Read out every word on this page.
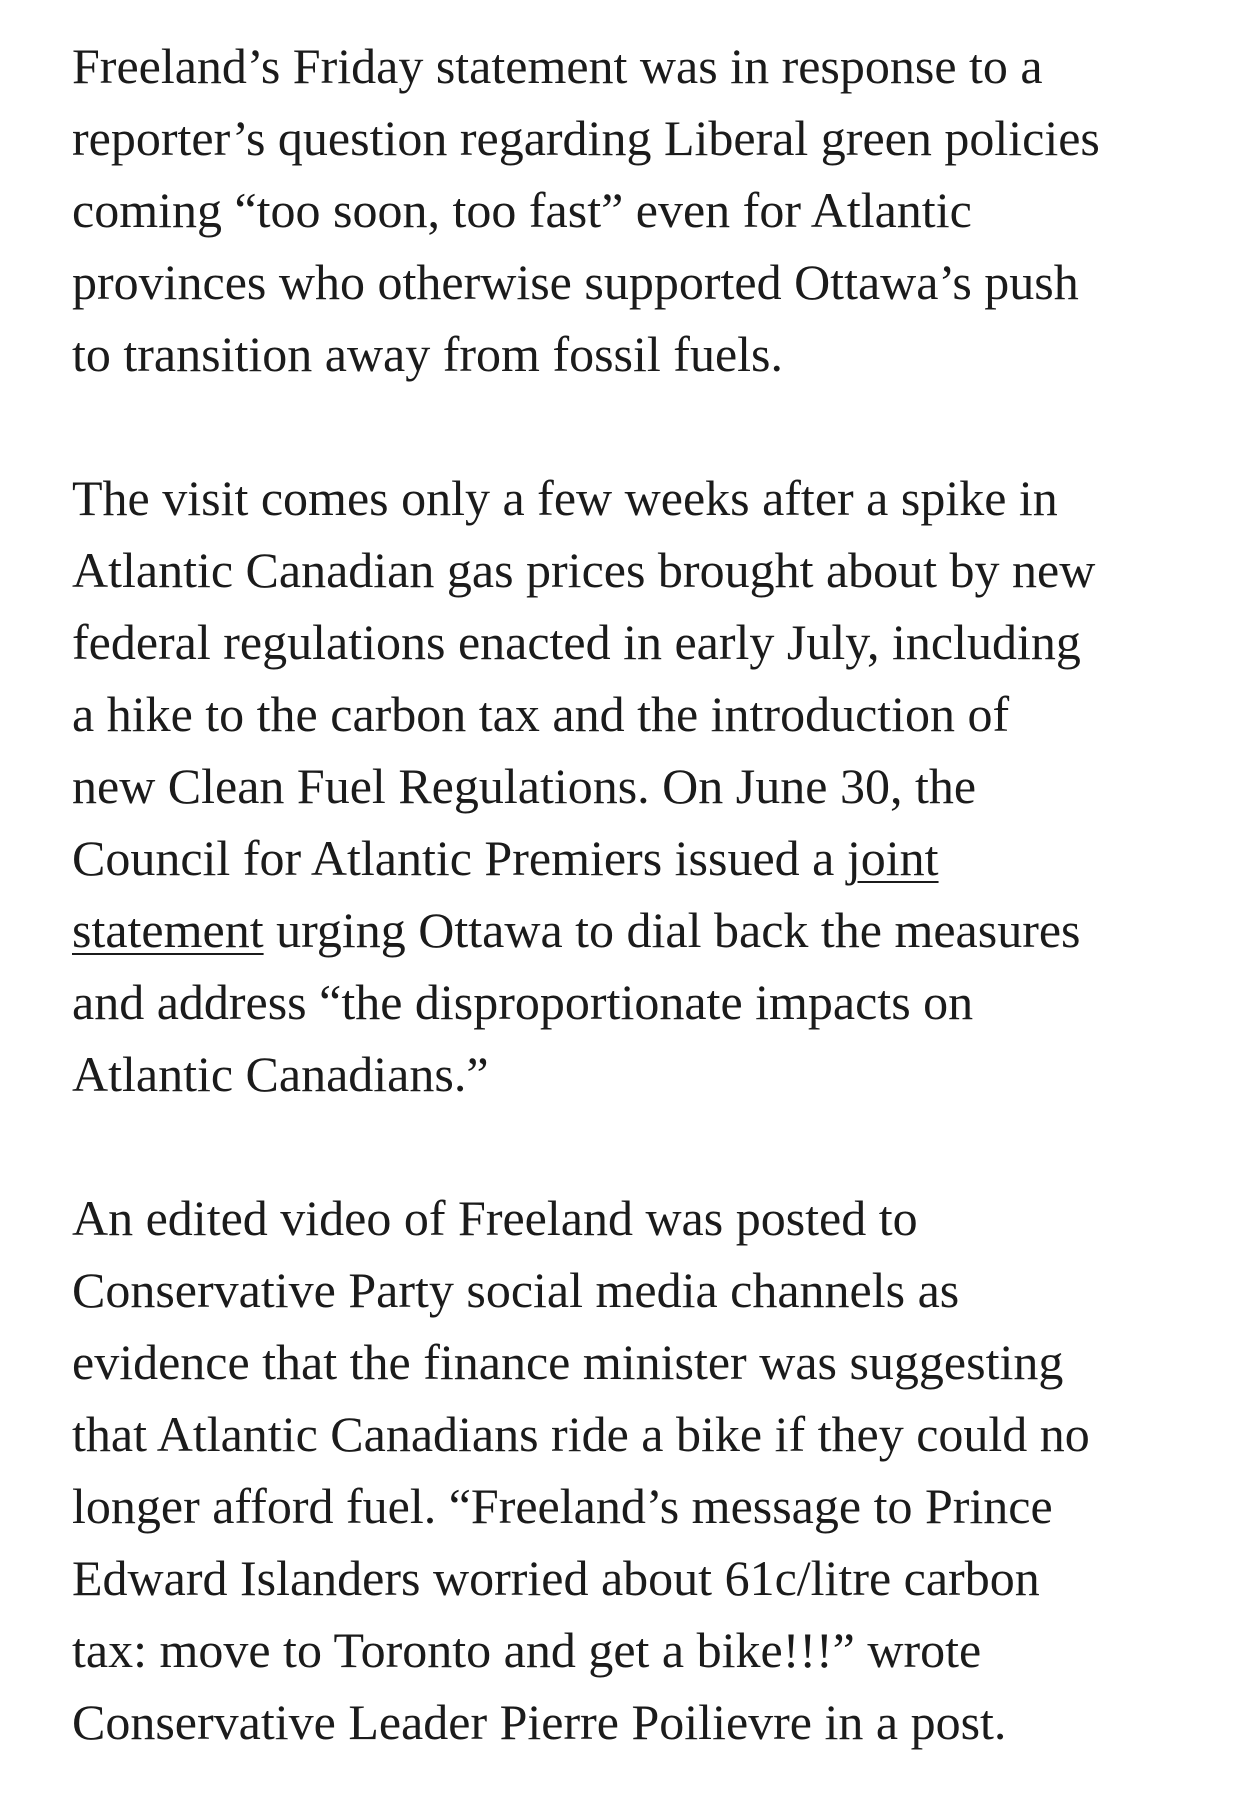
Freeland’s Friday statement was in response to a
reporter’s question regarding Liberal green policies
coming “too soon, too fast” even for Atlantic
provinces who otherwise supported Ottawa’s push
to transition away from fossil fuels.

The visit comes only a few weeks after a spike in
Atlantic Canadian gas prices brought about by new
federal regulations enacted in early July, including
a hike to the carbon tax and the introduction of
new Clean Fuel Regulations. On June 30, the
Council for Atlantic Premiers issued a joint
statement urging Ottawa to dial back the measures
and address “the disproportionate impacts on
Atlantic Canadians.”

An edited video of Freeland was posted to
Conservative Party social media channels as
evidence that the finance minister was suggesting
that Atlantic Canadians ride a bike if they could no
longer afford fuel. “Freeland’s message to Prince
Edward Islanders worried about 61c/litre carbon
tax: move to Toronto and get a bike!!!” wrote
Conservative Leader Pierre Poilievre in a post.
